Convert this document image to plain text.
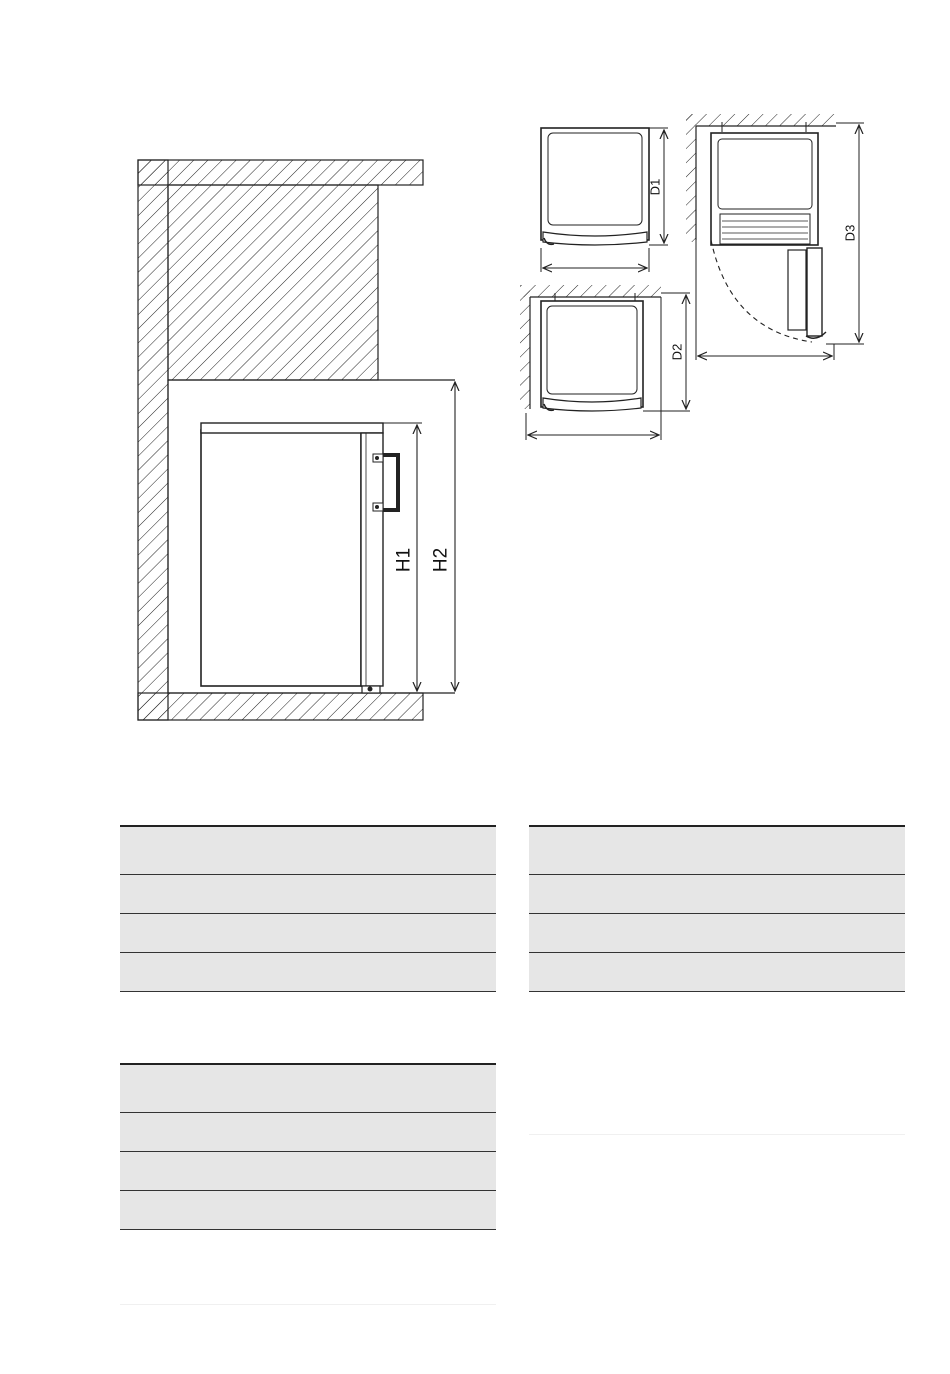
H1 H2
D1
D2
D3
